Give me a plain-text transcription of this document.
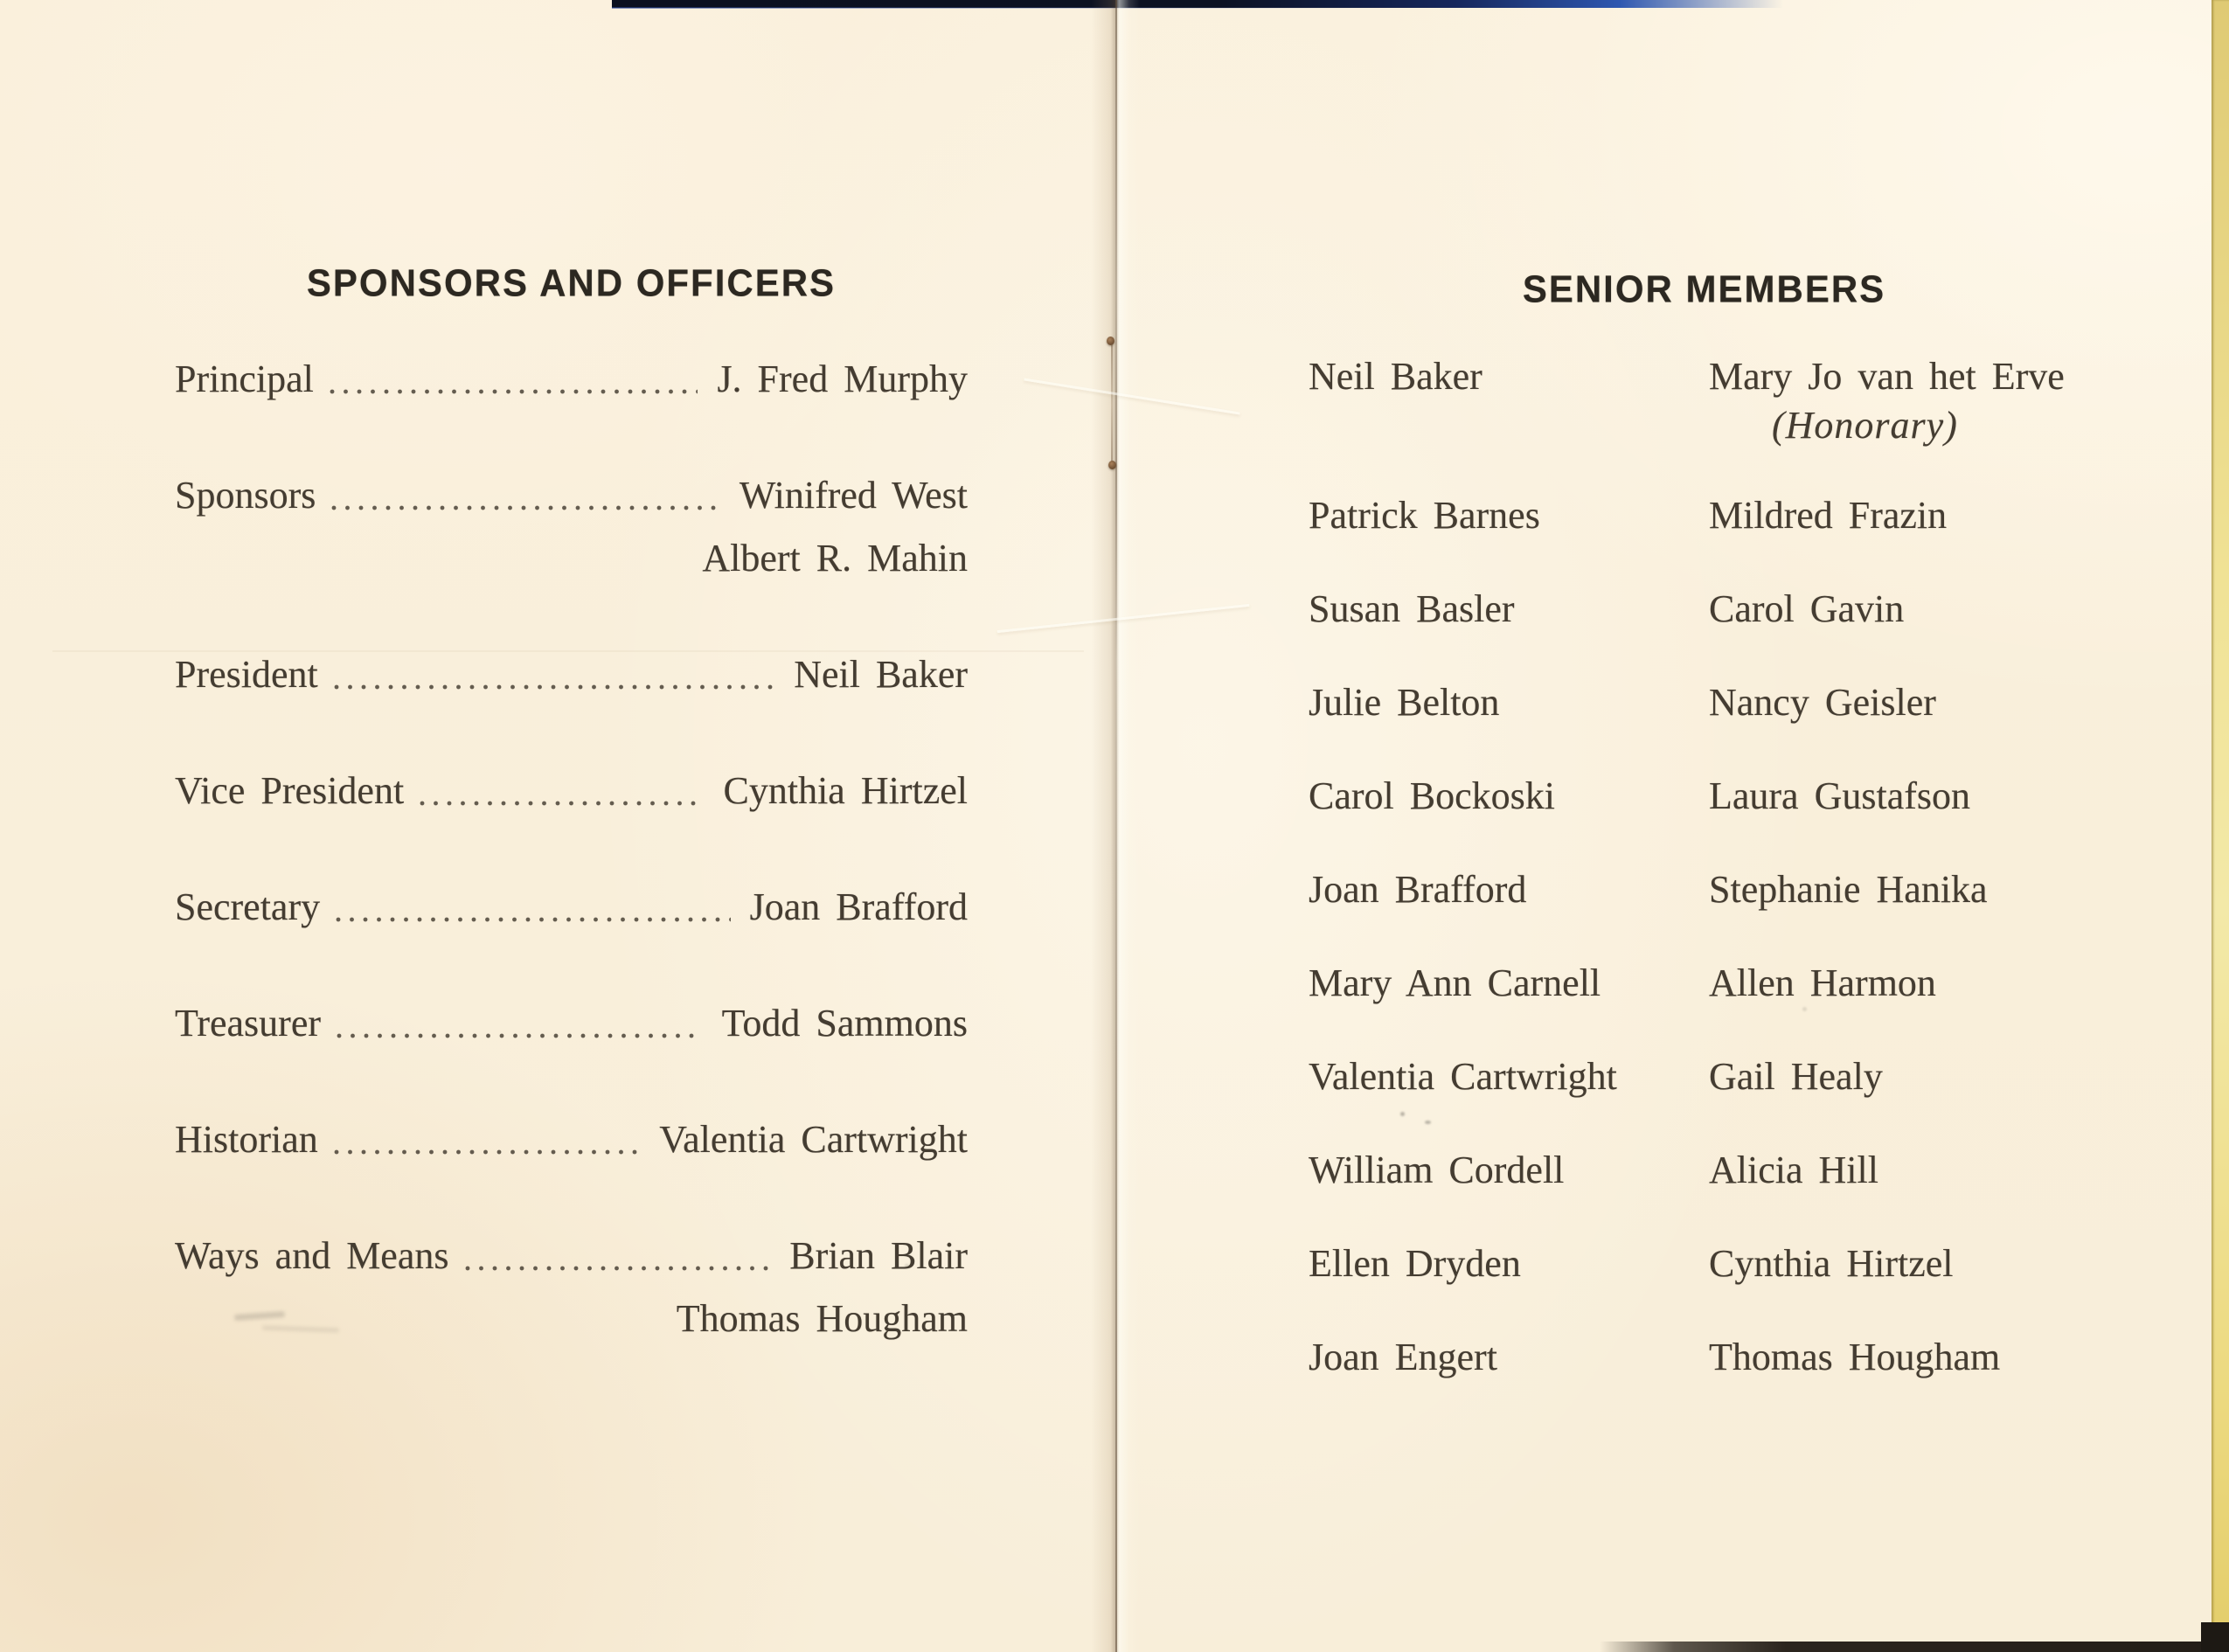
SPONSORS AND OFFICERS
Principal	J. Fred Murphy
Sponsors	Winifred West
Albert R. Mahin
President	Neil Baker
Vice President	Cynthia Hirtzel
Secretary	Joan Brafford
Treasurer	Todd Sammons
Historian	Valentia Cartwright
Ways and Means	Brian Blair
Thomas Hougham
SENIOR MEMBERS
Neil Baker	Mary Jo van het Erve
(Honorary)
Patrick Barnes	Mildred Frazin
Susan Basler	Carol Gavin
Julie Belton	Nancy Geisler
Carol Bockoski	Laura Gustafson
Joan Brafford	Stephanie Hanika
Mary Ann Carnell	Allen Harmon
Valentia Cartwright	Gail Healy
William Cordell	Alicia Hill
Ellen Dryden	Cynthia Hirtzel
Joan Engert	Thomas Hougham
